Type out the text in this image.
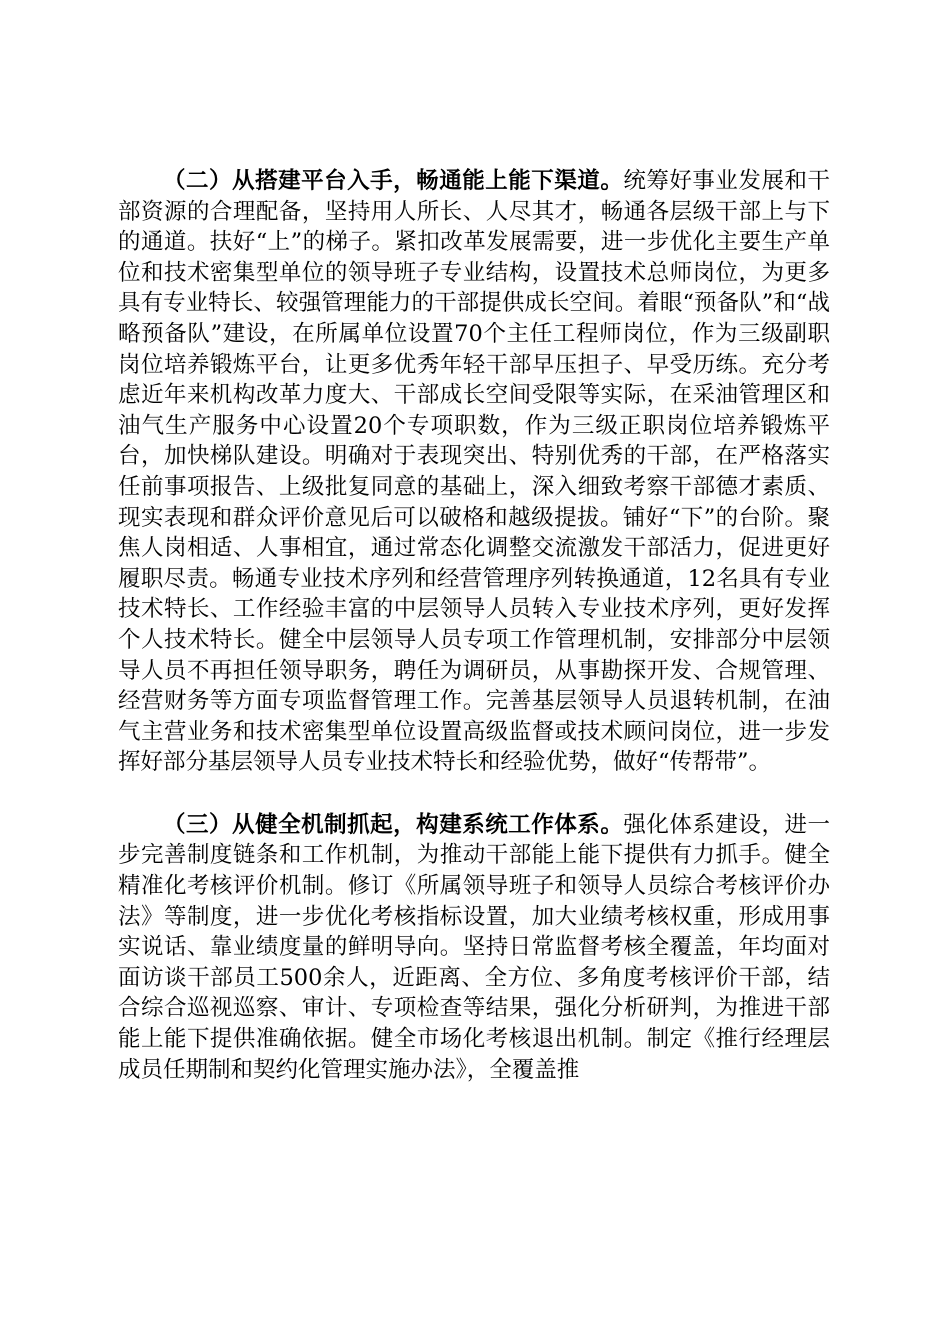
（二）从搭建平台入手，畅通能上能下渠道。统筹好事业发展和干部资源的合理配备，坚持用人所长、人尽其才，畅通各层级干部上与下的通道。扶好“上”的梯子。紧扣改革发展需要，进一步优化主要生产单位和技术密集型单位的领导班子专业结构，设置技术总师岗位，为更多具有专业特长、较强管理能力的干部提供成长空间。着眼“预备队”和“战略预备队”建设，在所属单位设置70个主任工程师岗位，作为三级副职岗位培养锻炼平台，让更多优秀年轻干部早压担子、早受历练。充分考虑近年来机构改革力度大、干部成长空间受限等实际，在采油管理区和油气生产服务中心设置20个专项职数，作为三级正职岗位培养锻炼平台，加快梯队建设。明确对于表现突出、特别优秀的干部，在严格落实任前事项报告、上级批复同意的基础上，深入细致考察干部德才素质、现实表现和群众评价意见后可以破格和越级提拔。铺好“下”的台阶。聚焦人岗相适、人事相宜，通过常态化调整交流激发干部活力，促进更好履职尽责。畅通专业技术序列和经营管理序列转换通道，12名具有专业技术特长、工作经验丰富的中层领导人员转入专业技术序列，更好发挥个人技术特长。健全中层领导人员专项工作管理机制，安排部分中层领导人员不再担任领导职务，聘任为调研员，从事勘探开发、合规管理、经营财务等方面专项监督管理工作。完善基层领导人员退转机制，在油气主营业务和技术密集型单位设置高级监督或技术顾问岗位，进一步发挥好部分基层领导人员专业技术特长和经验优势，做好“传帮带”。

（三）从健全机制抓起，构建系统工作体系。强化体系建设，进一步完善制度链条和工作机制，为推动干部能上能下提供有力抓手。健全精准化考核评价机制。修订《所属领导班子和领导人员综合考核评价办法》等制度，进一步优化考核指标设置，加大业绩考核权重，形成用事实说话、靠业绩度量的鲜明导向。坚持日常监督考核全覆盖，年均面对面访谈干部员工500余人，近距离、全方位、多角度考核评价干部，结合综合巡视巡察、审计、专项检查等结果，强化分析研判，为推进干部能上能下提供准确依据。健全市场化考核退出机制。制定《推行经理层成员任期制和契约化管理实施办法》，全覆盖推
